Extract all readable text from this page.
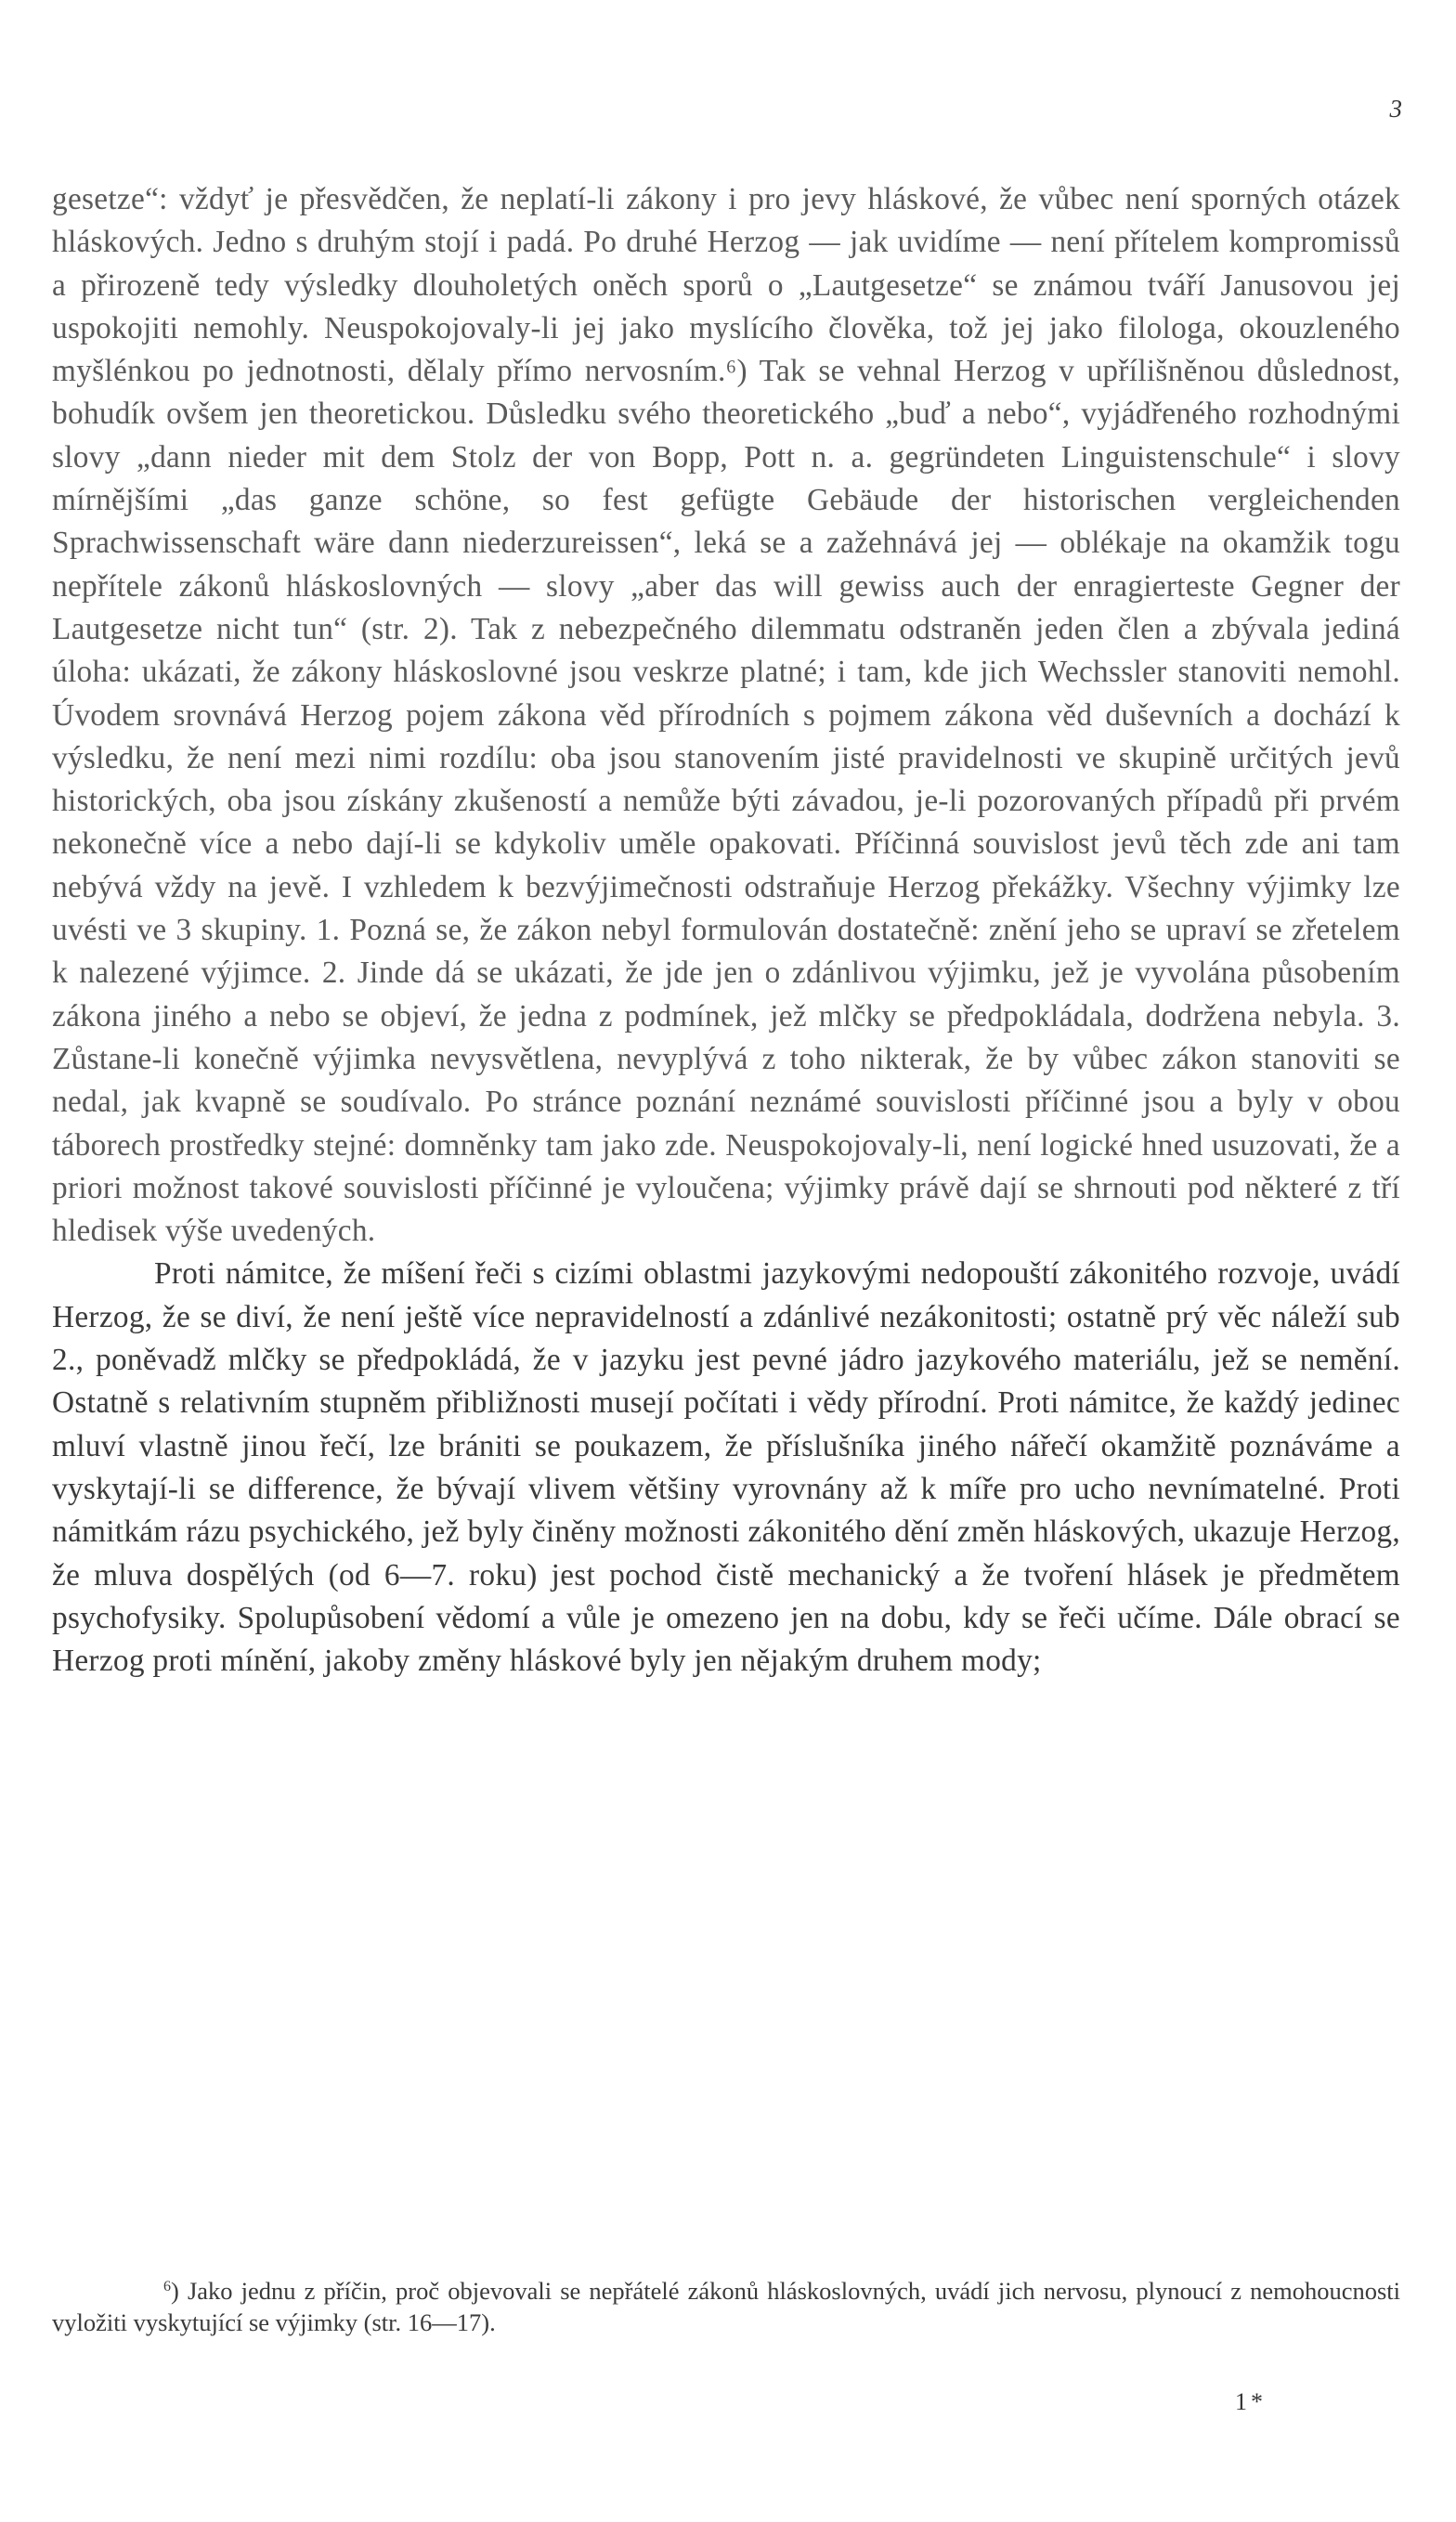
3

gesetze“: vždyť je přesvědčen, že neplatí-li zákony i pro jevy hláskové, že vůbec není sporných otázek hláskových. Jedno s druhým stojí i padá. Po druhé Herzog — jak uvidíme — není přítelem kompromissů a přirozeně tedy výsledky dlouholetých oněch sporů o „Lautgesetze“ se známou tváří Janusovou jej uspokojiti nemohly. Neuspokojovaly-li jej jako myslícího člověka, tož jej jako filologa, okouzleného myšlénkou po jednotnosti, dělaly přímo nervosním.⁶) Tak se vehnal Herzog v upřílišněnou důslednost, bohudík ovšem jen theoretickou. Důsledku svého theoretického „buď a nebo“, vyjádřeného rozhodnými slovy „dann nieder mit dem Stolz der von Bopp, Pott n. a. gegründeten Linguistenschule“ i slovy mírnějšími „das ganze schöne, so fest gefügte Gebäude der historischen vergleichenden Sprachwissenschaft wäre dann niederzureissen“, leká se a zažehnává jej — oblékaje na okamžik togu nepřítele zákonů hláskoslovných — slovy „aber das will gewiss auch der enragierteste Gegner der Lautgesetze nicht tun“ (str. 2). Tak z nebezpečného dilemmatu odstraněn jeden člen a zbývala jediná úloha: ukázati, že zákony hláskoslovné jsou veskrze platné; i tam, kde jich Wechssler stanoviti nemohl. Úvodem srovnává Herzog pojem zákona věd přírodních s pojmem zákona věd duševních a dochází k výsledku, že není mezi nimi rozdílu: oba jsou stanovením jisté pravidelnosti ve skupině určitých jevů historických, oba jsou získány zkušeností a nemůže býti závadou, je-li pozorovaných případů při prvém nekonečně více a nebo dají-li se kdykoliv uměle opakovati. Příčinná souvislost jevů těch zde ani tam nebývá vždy na jevě. I vzhledem k bezvýjimečnosti odstraňuje Herzog překážky. Všechny výjimky lze uvésti ve 3 skupiny. 1. Pozná se, že zákon nebyl formulován dostatečně: znění jeho se upraví se zřetelem k nalezené výjimce. 2. Jinde dá se ukázati, že jde jen o zdánlivou výjimku, jež je vyvolána působením zákona jiného a nebo se objeví, že jedna z podmínek, jež mlčky se předpokládala, dodržena nebyla. 3. Zůstane-li konečně výjimka nevysvětlena, nevyplývá z toho nikterak, že by vůbec zákon stanoviti se nedal, jak kvapně se soudívalo. Po stránce poznání neznámé souvislosti příčinné jsou a byly v obou táborech prostředky stejné: domněnky tam jako zde. Neuspokojovaly-li, není logické hned usuzovati, že a priori možnost takové souvislosti příčinné je vyloučena; výjimky právě dají se shrnouti pod některé z tří hledisek výše uvedených.

Proti námitce, že míšení řeči s cizími oblastmi jazykovými nedopouští zákonitého rozvoje, uvádí Herzog, že se diví, že není ještě více nepravidelností a zdánlivé nezákonitosti; ostatně prý věc náleží sub 2., poněvadž mlčky se předpokládá, že v jazyku jest pevné jádro jazykového materiálu, jež se nemění. Ostatně s relativním stupněm přibližnosti musejí počítati i vědy přírodní. Proti námitce, že každý jedinec mluví vlastně jinou řečí, lze brániti se poukazem, že příslušníka jiného nářečí okamžitě poznáváme a vyskytají-li se difference, že bývají vlivem většiny vyrovnány až k míře pro ucho nevnímatelné. Proti námitkám rázu psychického, jež byly činěny možnosti zákonitého dění změn hláskových, ukazuje Herzog, že mluva dospělých (od 6—7. roku) jest pochod čistě mechanický a že tvoření hlásek je předmětem psychofysiky. Spolupůsobení vědomí a vůle je omezeno jen na dobu, kdy se řeči učíme. Dále obrací se Herzog proti mínění, jakoby změny hláskové byly jen nějakým druhem mody;

$^6$) Jako jednu z příčin, proč objevovali se nepřátelé zákonů hláskoslovných, uvádí jich nervosu, plynoucí z nemohoucnosti vyložiti vyskytující se výjimky (str. 16—17).
1*
